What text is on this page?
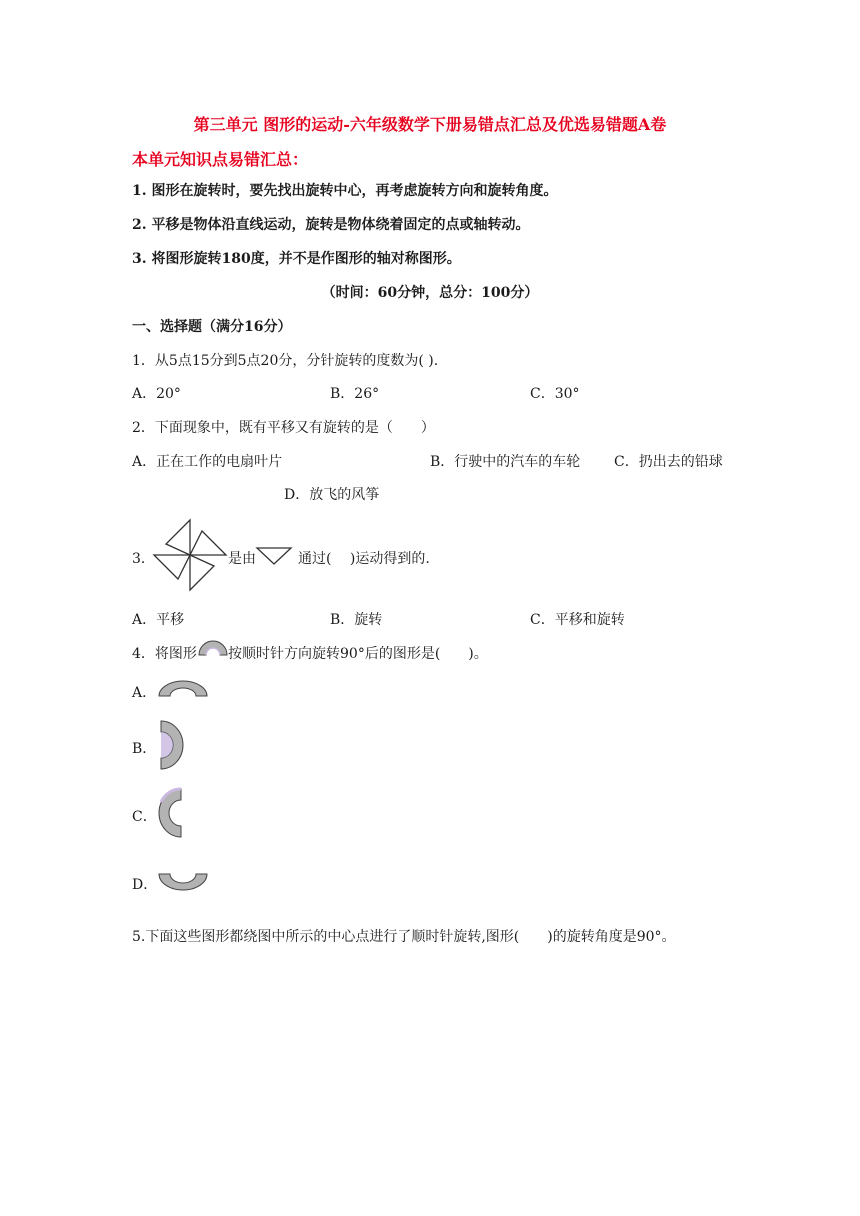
第三单元 图形的运动-六年级数学下册易错点汇总及优选易错题A卷
本单元知识点易错汇总：
1. 图形在旋转时，要先找出旋转中心，再考虑旋转方向和旋转角度。
2. 平移是物体沿直线运动，旋转是物体绕着固定的点或轴转动。
3. 将图形旋转180度，并不是作图形的轴对称图形。
（时间：60分钟，总分：100分）
一、选择题（满分16分）
1．从5点15分到5点20分，分针旋转的度数为( ).
A．20°	B．26°	C．30°
2．下面现象中，既有平移又有旋转的是（　　）
A．正在工作的电扇叶片	B．行驶中的汽车的车轮 C．扔出去的铅球
D．放飞的风筝
3．	是由	通过(　 )运动得到的.
A．平移	B．旋转	C．平移和旋转
4．将图形 按顺时针方向旋转90°后的图形是(　　)。
A．
B．
C．
D．
5.下面这些图形都绕图中所示的中心点进行了顺时针旋转,图形(　　)的旋转角度是90°。
